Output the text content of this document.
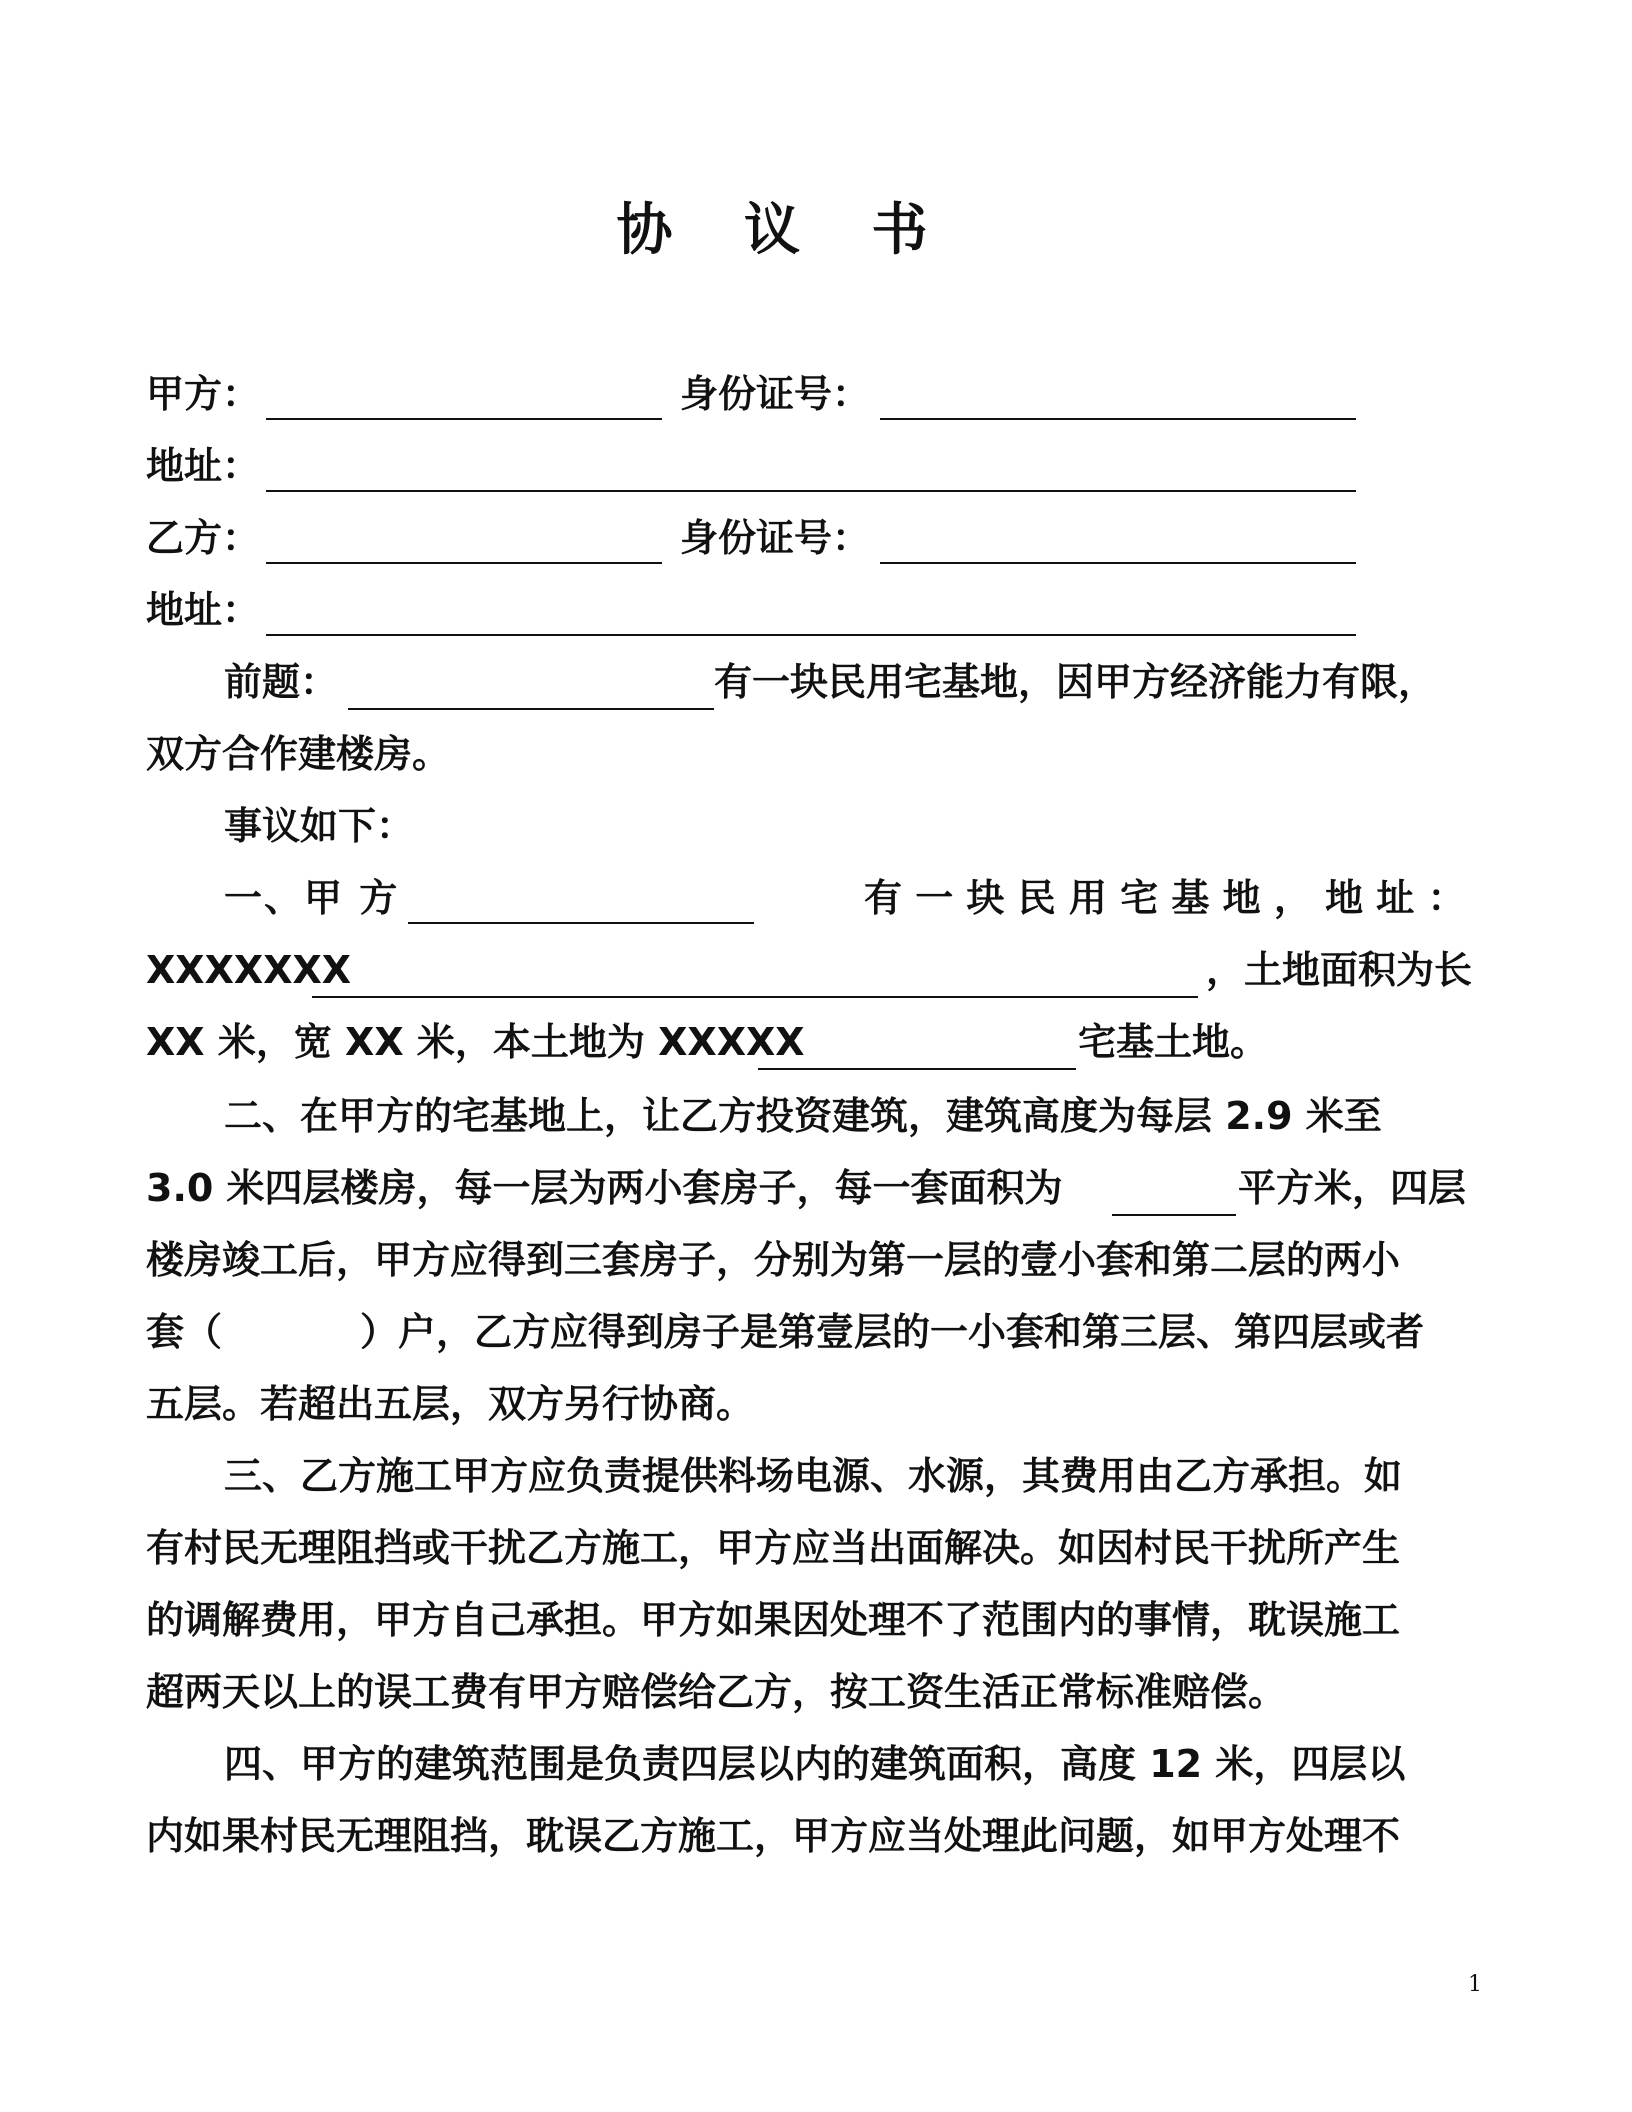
协 议 书
甲方：	身份证号：
地址：
乙方：	身份证号：
地址：
前题：	有一块民用宅基地，因甲方经济能力有限，
双方合作建楼房。
事议如下：
一、甲 方	有 一 块 民 用 宅 基 地 ， 地 址 ：
XXXXXXX	，土地面积为长
XX 米，宽 XX 米，本土地为 XXXXX	宅基土地。
二、在甲方的宅基地上，让乙方投资建筑，建筑高度为每层 2.9 米至
3.0 米四层楼房，每一层为两小套房子，每一套面积为	平方米，四层
楼房竣工后，甲方应得到三套房子，分别为第一层的壹小套和第二层的两小
套（	）户，乙方应得到房子是第壹层的一小套和第三层、第四层或者
五层。若超出五层，双方另行协商。
三、乙方施工甲方应负责提供料场电源、水源，其费用由乙方承担。如
有村民无理阻挡或干扰乙方施工，甲方应当出面解决。如因村民干扰所产生
的调解费用，甲方自己承担。甲方如果因处理不了范围内的事情，耽误施工
超两天以上的误工费有甲方赔偿给乙方，按工资生活正常标准赔偿。
四、甲方的建筑范围是负责四层以内的建筑面积，高度 12 米，四层以
内如果村民无理阻挡，耽误乙方施工，甲方应当处理此问题，如甲方处理不
1
